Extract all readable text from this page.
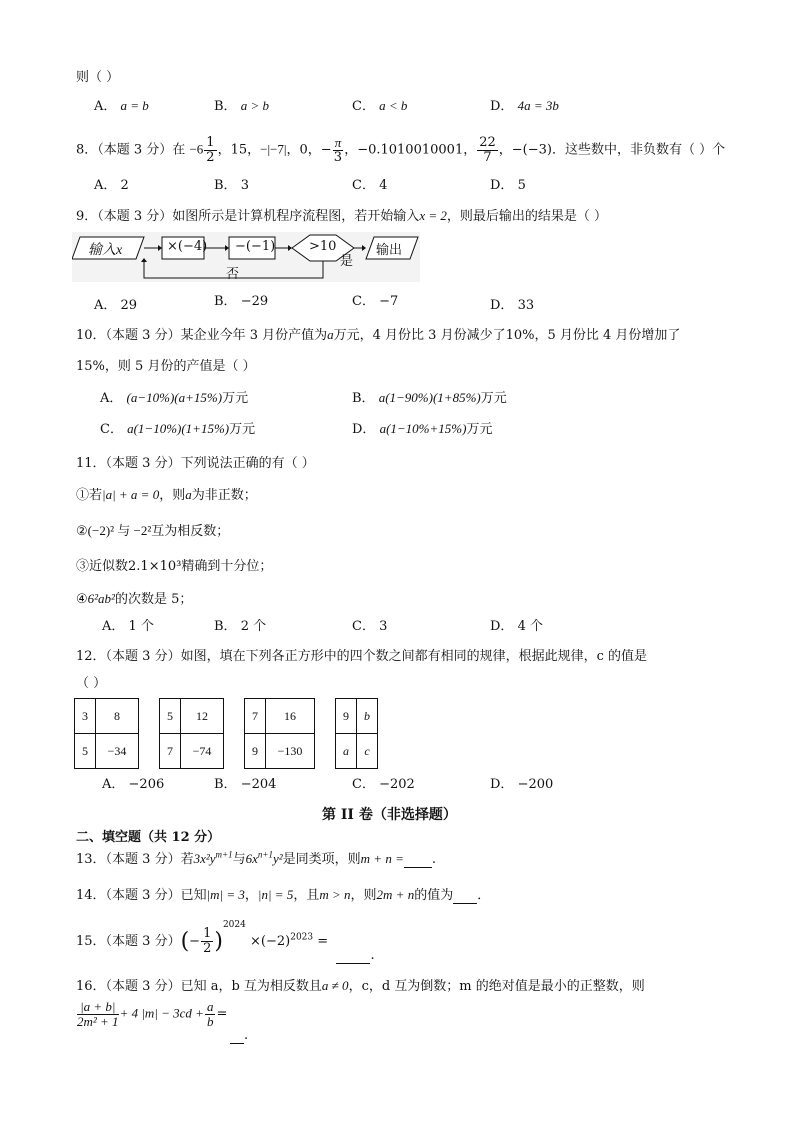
则（ ）
A． a = b	B． a > b	C． a < b	D． 4a = 3b
8．（本题 3 分）在 $-6 \frac{1}{2}$ ，15，−|−7|，0，− $\frac{\pi}{3}$ ，−0.1010010001， $\frac{22}{7}$ ，−(−3)．这些数中，非负数有（ ）个
A． 2	B． 3	C． 4	D． 5
9．（本题 3 分）如图所示是计算机程序流程图，若开始输入x = 2，则最后输出的结果是（ ）
输入x	×(−4) −(−1)	>10
是
输出
否
A． 29	B． −29	C． −7	D． 33
10．（本题 3 分）某企业今年 3 月份产值为a万元，4 月份比 3 月份减少了10%，5 月份比 4 月份增加了
15%，则 5 月份的产值是（ ）
A． (a−10%)(a+15%)万元	B． a(1−90%)(1+85%)万元
C． a(1−10%)(1+15%)万元	D． a(1−10%+15%)万元
11．（本题 3 分）下列说法正确的有（ ）
①若|a| + a = 0，则a为非正数；
②(−2)² 与 −2²互为相反数；
③近似数2.1×10³精确到十分位；
④6²ab²的次数是 5；
A． 1 个	B． 2 个	C． 3	D． 4 个
12．（本题 3 分）如图，填在下列各正方形中的四个数之间都有相同的规律，根据此规律，c 的值是
（ ）
3	8		5	12		7	16		9	b
5	−34		7	−74		9	−130		a	c
A． −206	B． −204	C． −202	D． −200
第 II 卷（非选择题）
二、填空题（共 12 分）
13．（本题 3 分）若$3x^2y^{m+1}$与$6x^{n+1}y^2$是同类项，则m + n = .
14．（本题 3 分）已知|m| = 3，|n| = 5，且m > n，则2m + n的值为 ．
15．（本题 3 分）(− $\frac{1}{2} )^{2024} \times(-2)^{2023}$ =   .
16．（本题 3 分）已知 a，b 互为相反数且a ≠ 0，c，d 互为倒数；m 的绝对值是最小的正整数，则
$\frac{|a + b|}{\text{2m² + 1}} + 4$ $|m| - 3cd + \frac{a}{b}$ =
.
